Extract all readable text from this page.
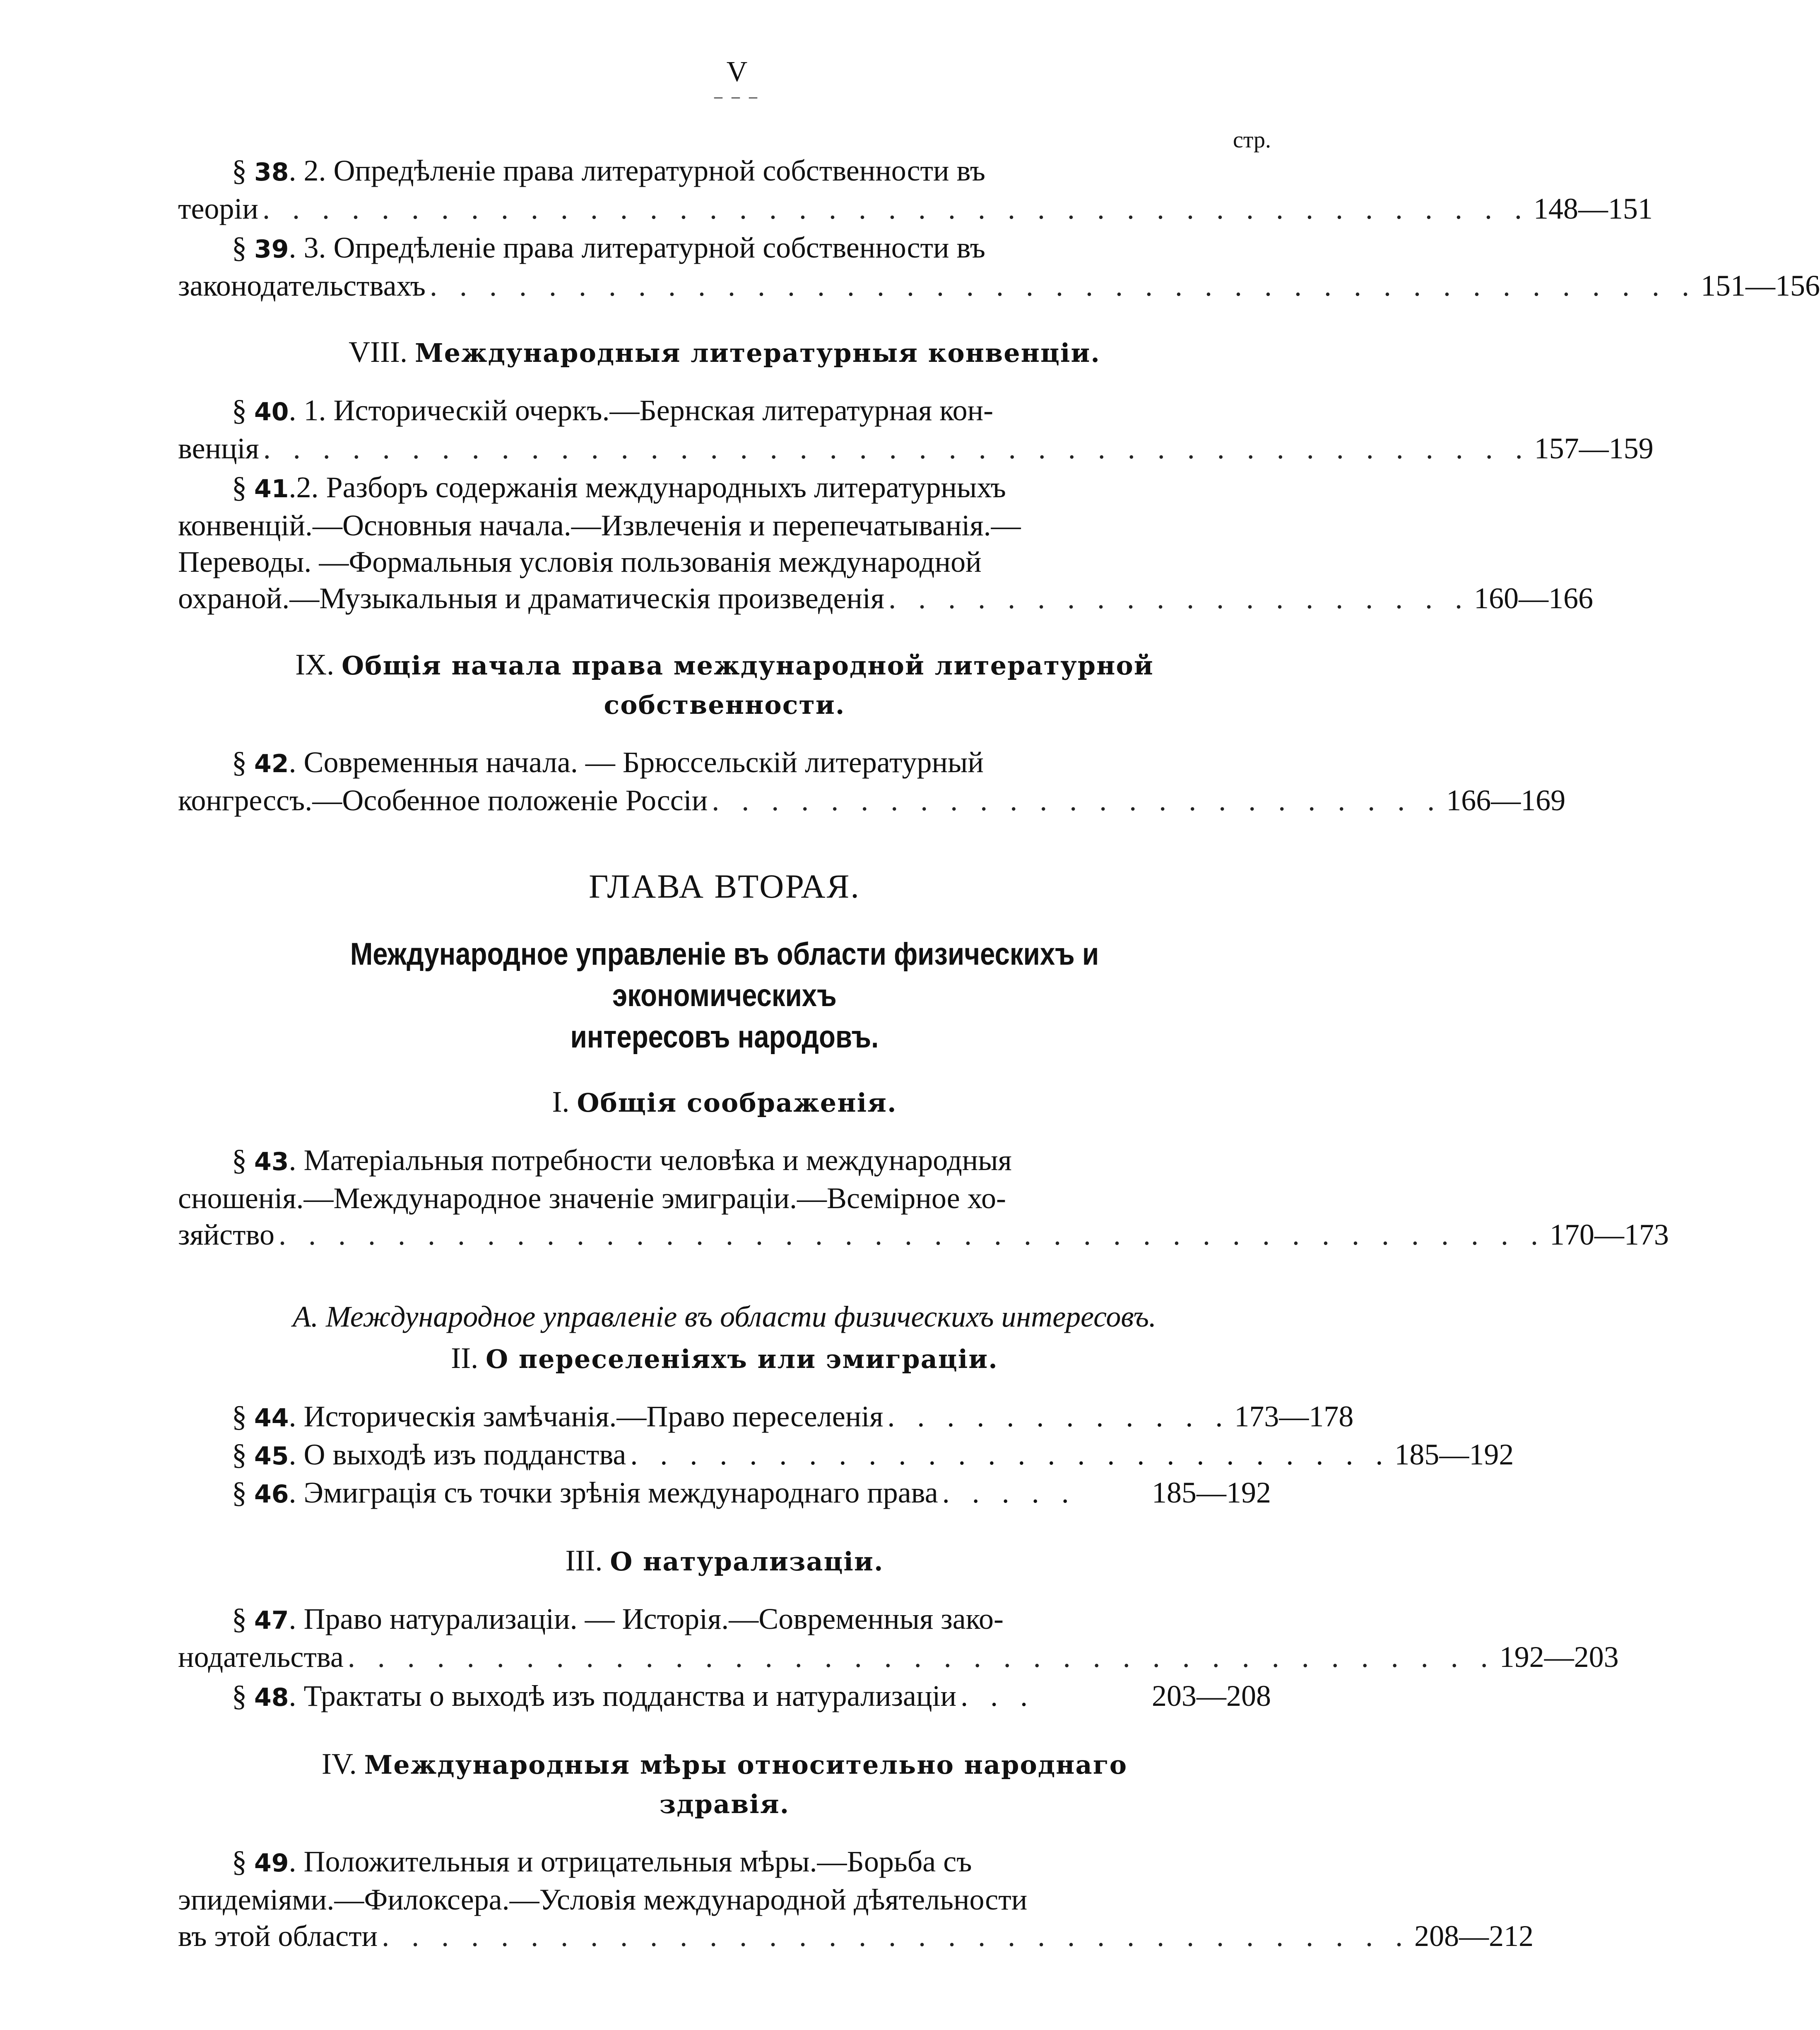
V
– – –
стр.

§ 38. 2. Опредѣленіе права литературной собственности въ

теоріи . . . . . . . . . . . . . . . . . . . . . . . . . . . . . . . . . . . . . . . . . . . 148—151

§ 39. 3. Опредѣленіе права литературной собственности въ

законодательствахъ . . . . . . . . . . . . . . . . . . . . . . . . . . . . . . . . . . . . . . . . . . . 151—156
VIII. Международныя литературныя конвенціи.

§ 40. 1. Историческій очеркъ.—Бернская литературная кон-

венція . . . . . . . . . . . . . . . . . . . . . . . . . . . . . . . . . . . . . . . . . . . 157—159

§ 41.2. Разборъ содержанія международныхъ литературныхъ

конвенцій.—Основныя начала.—Извлеченія и перепечатыванія.—

Переводы. —Формальныя условія пользованія международной

охраной.—Музыкальныя и драматическія произведенія . . . . . . . . . . . . . . . . . . . . 160—166
IX. Общія начала права международной литературной
собственности.

§ 42. Современныя начала. — Брюссельскій литературный

конгрессъ.—Особенное положеніе Россіи . . . . . . . . . . . . . . . . . . . . . . . . . 166—169
ГЛАВА ВТОРАЯ.
Международное управленіе въ области физическихъ и экономическихъ
интересовъ народовъ.
I. Общія соображенія.

§ 43. Матеріальныя потребности человѣка и международныя

сношенія.—Международное значеніе эмиграціи.—Всемірное хо-

зяйство . . . . . . . . . . . . . . . . . . . . . . . . . . . . . . . . . . . . . . . . . . . 170—173
А. Международное управленіе въ области физическихъ интересовъ.
II. О переселеніяхъ или эмиграціи.
§ 44. Историческія замѣчанія.—Право переселенія . . . . . . . . . . . . 173—178
§ 45. О выходѣ изъ подданства . . . . . . . . . . . . . . . . . . . . . . . . . . 185—192
§ 46. Эмиграція съ точки зрѣнія международнаго права . . . . .	185—192
III. О натурализаціи.

§ 47. Право натурализаціи. — Исторія.—Современныя зако-

нодательства . . . . . . . . . . . . . . . . . . . . . . . . . . . . . . . . . . . . . . . 192—203
§ 48. Трактаты о выходѣ изъ подданства и натурализаціи . . .	203—208
IV. Международныя мѣры относительно народнаго
здравія.

§ 49. Положительныя и отрицательныя мѣры.—Борьба съ

эпидеміями.—Филоксера.—Условія международной дѣятельности

въ этой области . . . . . . . . . . . . . . . . . . . . . . . . . . . . . . . . . . . 208—212
